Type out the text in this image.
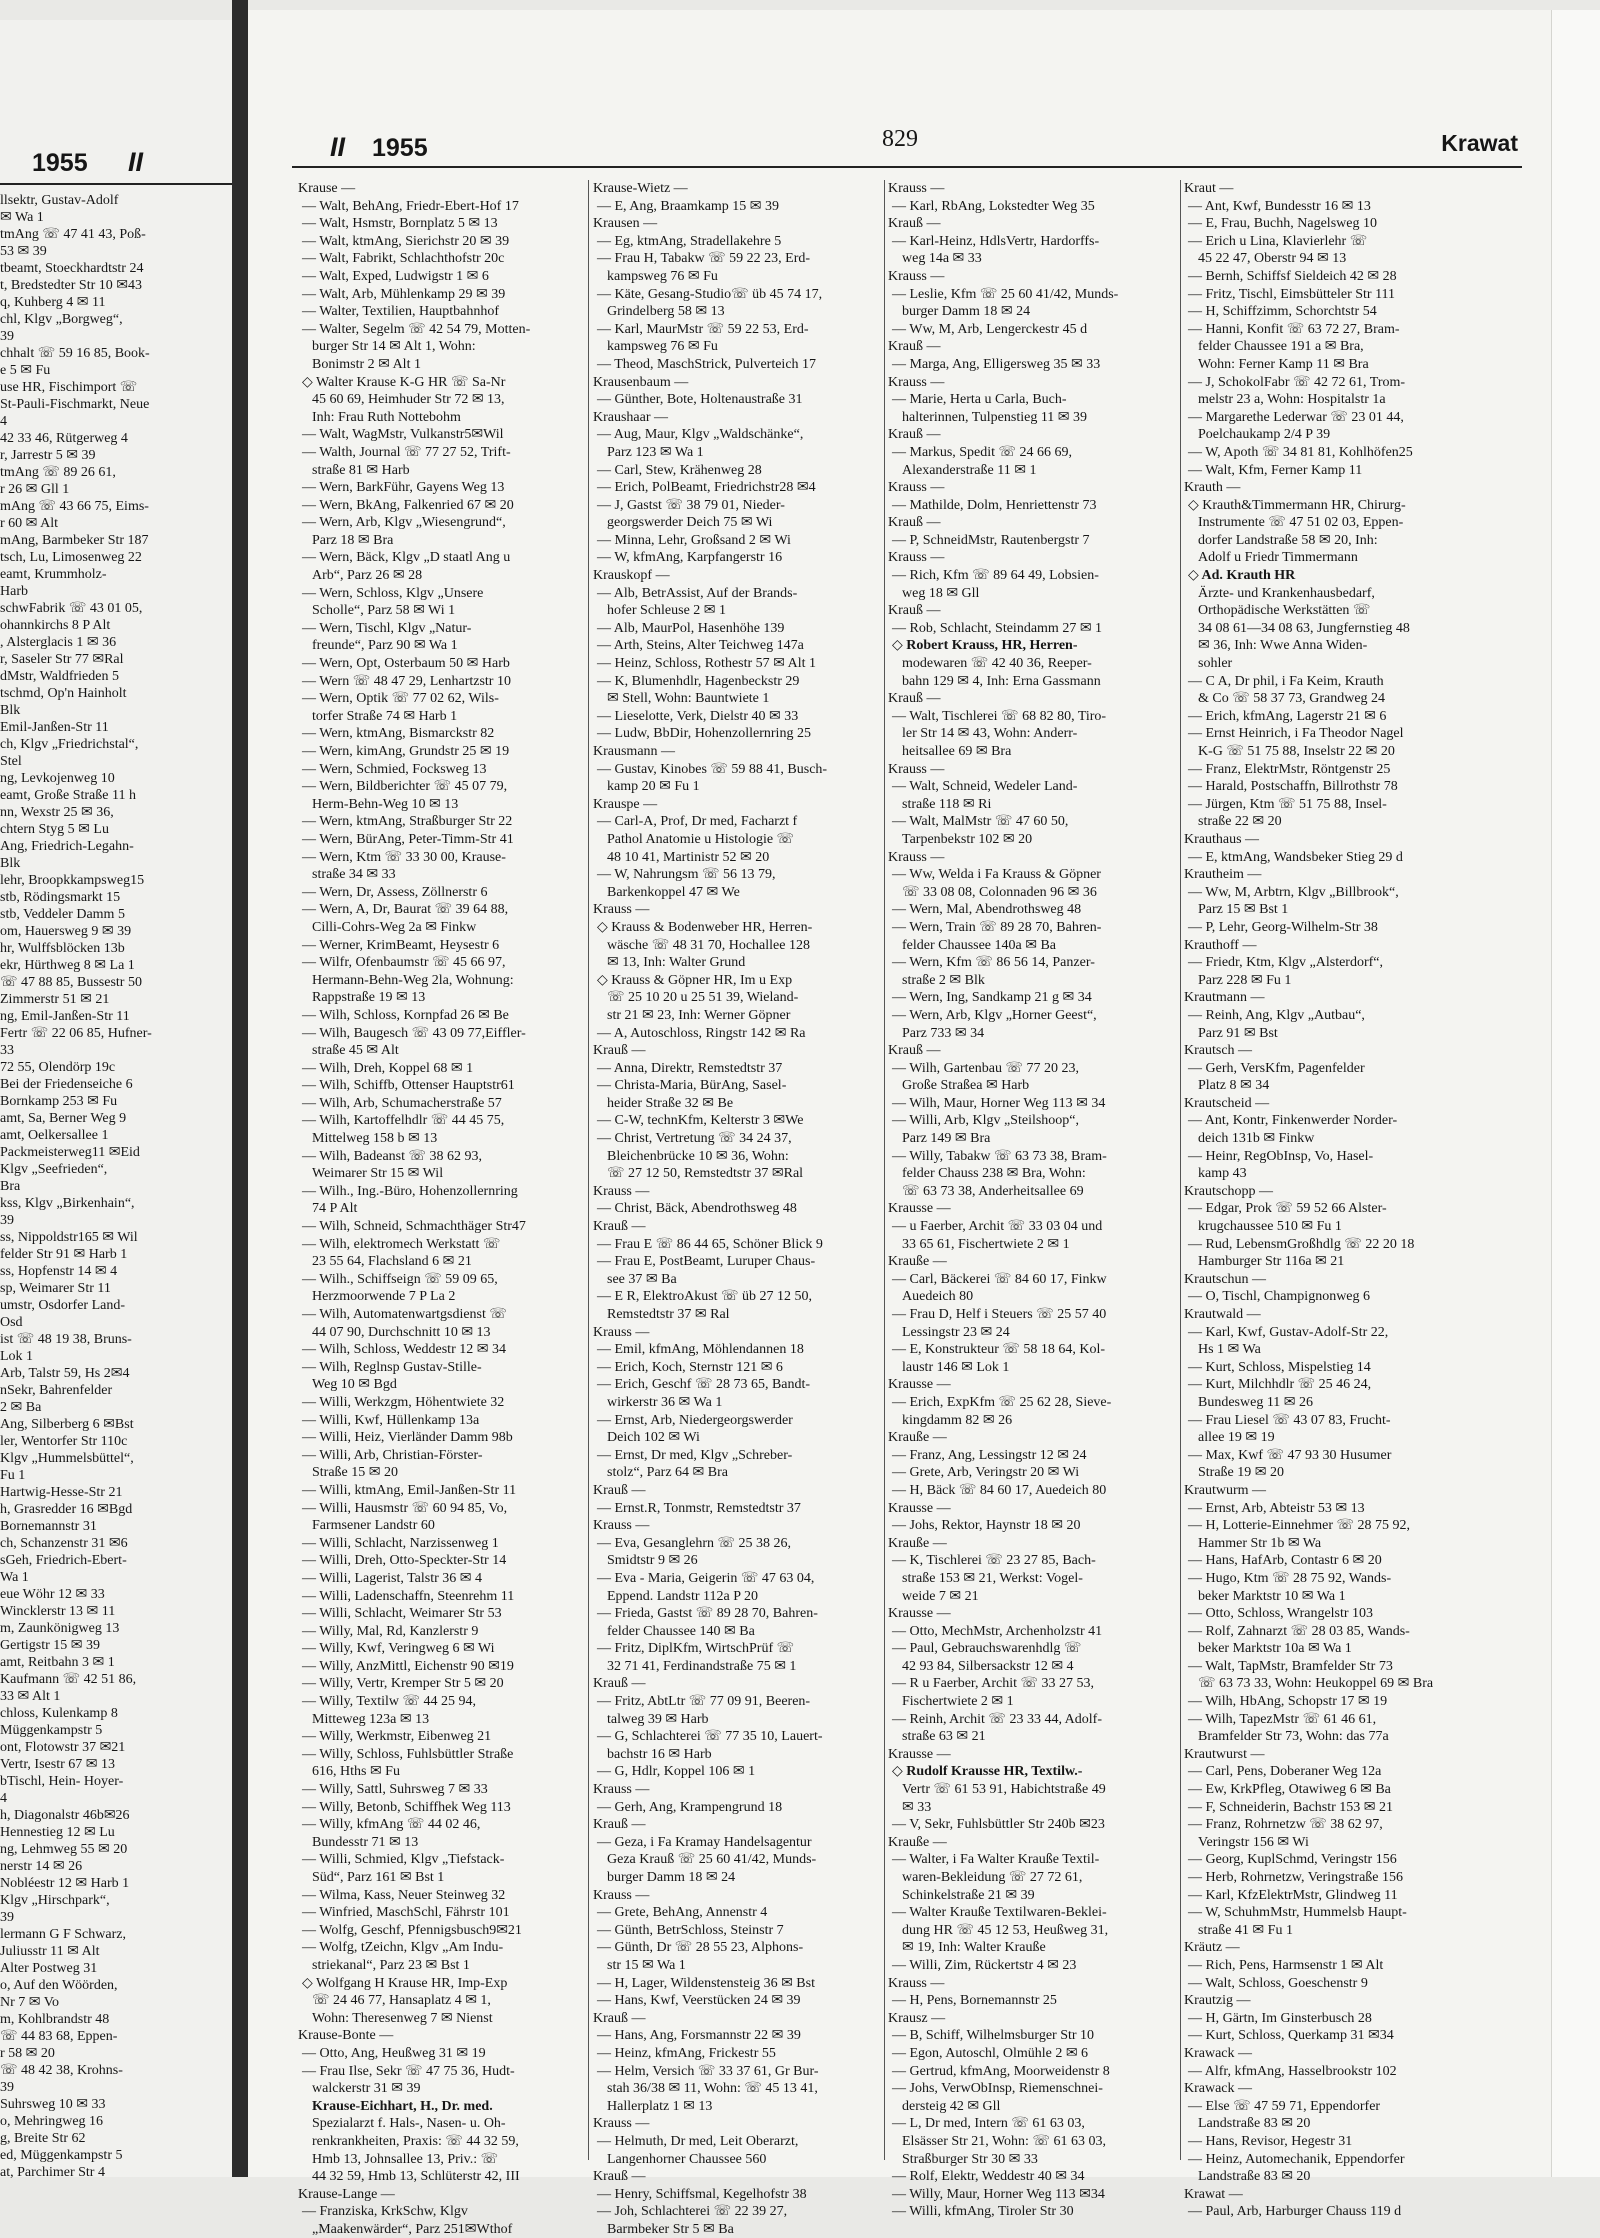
1955 II
llsektr, Gustav-Adolf
✉ Wa 1
tmAng ☏ 47 41 43, Poß-
53 ✉ 39
tbeamt, Stoeckhardtstr 24
t, Bredstedter Str 10 ✉43
q, Kuhberg 4 ✉ 11
chl, Klgv „Borgweg“,
39
chhalt ☏ 59 16 85, Book-
e 5 ✉ Fu
use HR, Fischimport ☏
St-Pauli-Fischmarkt, Neue
4
42 33 46, Rütgerweg 4
r, Jarrestr 5 ✉ 39
tmAng ☏ 89 26 61,
r 26 ✉ Gll 1
mAng ☏ 43 66 75, Eims-
r 60 ✉ Alt
mAng, Barmbeker Str 187
tsch, Lu, Limosenweg 22
eamt, Krummholz-
Harb
schwFabrik ☏ 43 01 05,
ohannkirchs 8 P Alt
, Alsterglacis 1 ✉ 36
r, Saseler Str 77 ✉Ral
dMstr, Waldfrieden 5
tschmd, Op'n Hainholt
Blk
Emil-Janßen-Str 11
ch, Klgv „Friedrichstal“,
Stel
ng, Levkojenweg 10
eamt, Große Straße 11 h
nn, Wexstr 25 ✉ 36,
chtern Styg 5 ✉ Lu
Ang, Friedrich-Legahn-
Blk
lehr, Broopkkampsweg15
stb, Rödingsmarkt 15
stb, Veddeler Damm 5
om, Hauersweg 9 ✉ 39
hr, Wulffsblöcken 13b
ekr, Hürthweg 8 ✉ La 1
☏ 47 88 85, Bussestr 50
Zimmerstr 51 ✉ 21
ng, Emil-Janßen-Str 11
Fertr ☏ 22 06 85, Hufner-
33
72 55, Olendörp 19c
Bei der Friedenseiche 6
Bornkamp 253 ✉ Fu
amt, Sa, Berner Weg 9
amt, Oelkersallee 1
Packmeisterweg11 ✉Eid
Klgv „Seefrieden“,
Bra
kss, Klgv „Birkenhain“,
39
ss, Nippoldstr165 ✉ Wil
felder Str 91 ✉ Harb 1
ss, Hopfenstr 14 ✉ 4
sp, Weimarer Str 11
umstr, Osdorfer Land-
Osd
ist ☏ 48 19 38, Bruns-
Lok 1
Arb, Talstr 59, Hs 2✉4
nSekr, Bahrenfelder
2 ✉ Ba
Ang, Silberberg 6 ✉Bst
ler, Wentorfer Str 110c
Klgv „Hummelsbüttel“,
Fu 1
Hartwig-Hesse-Str 21
h, Grasredder 16 ✉Bgd
Bornemannstr 31
ch, Schanzenstr 31 ✉6
sGeh, Friedrich-Ebert-
Wa 1
eue Wöhr 12 ✉ 33
Wincklerstr 13 ✉ 11
m, Zaunkönigweg 13
Gertigstr 15 ✉ 39
amt, Reitbahn 3 ✉ 1
Kaufmann ☏ 42 51 86,
33 ✉ Alt 1
chloss, Kulenkamp 8
Müggenkampstr 5
ont, Flotowstr 37 ✉21
Vertr, Isestr 67 ✉ 13
bTischl, Hein- Hoyer-
4
h, Diagonalstr 46b✉26
Hennestieg 12 ✉ Lu
ng, Lehmweg 55 ✉ 20
nerstr 14 ✉ 26
Nobléestr 12 ✉ Harb 1
Klgv „Hirschpark“,
39
lermann G F Schwarz,
Juliusstr 11 ✉ Alt
Alter Postweg 31
o, Auf den Wöörden,
Nr 7 ✉ Vo
m, Kohlbrandstr 48
☏ 44 83 68, Eppen-
r 58 ✉ 20
☏ 48 42 38, Krohns-
39
Suhrsweg 10 ✉ 33
o, Mehringweg 16
g, Breite Str 62
ed, Müggenkampstr 5
at, Parchimer Str 4
II 1955	829	Krawat
Krause —
— Walt, BehAng, Friedr-Ebert-Hof 17
— Walt, Hsmstr, Bornplatz 5 ✉ 13
— Walt, ktmAng, Sierichstr 20 ✉ 39
— Walt, Fabrikt, Schlachthofstr 20c
— Walt, Exped, Ludwigstr 1 ✉ 6
— Walt, Arb, Mühlenkamp 29 ✉ 39
— Walter, Textilien, Hauptbahnhof
— Walter, Segelm ☏ 42 54 79, Motten-
burger Str 14 ✉ Alt 1, Wohn:
Bonimstr 2 ✉ Alt 1
◇ Walter Krause K-G HR ☏ Sa-Nr
45 60 69, Heimhuder Str 72 ✉ 13,
Inh: Frau Ruth Nottebohm
— Walt, WagMstr, Vulkanstr5✉Wil
— Walth, Journal ☏ 77 27 52, Trift-
straße 81 ✉ Harb
— Wern, BarkFühr, Gayens Weg 13
— Wern, BkAng, Falkenried 67 ✉ 20
— Wern, Arb, Klgv „Wiesengrund“,
Parz 18 ✉ Bra
— Wern, Bäck, Klgv „D staatl Ang u
Arb“, Parz 26 ✉ 28
— Wern, Schloss, Klgv „Unsere
Scholle“, Parz 58 ✉ Wi 1
— Wern, Tischl, Klgv „Natur-
freunde“, Parz 90 ✉ Wa 1
— Wern, Opt, Osterbaum 50 ✉ Harb
— Wern ☏ 48 47 29, Lenhartzstr 10
— Wern, Optik ☏ 77 02 62, Wils-
torfer Straße 74 ✉ Harb 1
— Wern, ktmAng, Bismarckstr 82
— Wern, kimAng, Grundstr 25 ✉ 19
— Wern, Schmied, Focksweg 13
— Wern, Bildberichter ☏ 45 07 79,
Herm-Behn-Weg 10 ✉ 13
— Wern, ktmAng, Straßburger Str 22
— Wern, BürAng, Peter-Timm-Str 41
— Wern, Ktm ☏ 33 30 00, Krause-
straße 34 ✉ 33
— Wern, Dr, Assess, Zöllnerstr 6
— Wern, A, Dr, Baurat ☏ 39 64 88,
Cilli-Cohrs-Weg 2a ✉ Finkw
— Werner, KrimBeamt, Heysestr 6
— Wilfr, Ofenbaumstr ☏ 45 66 97,
Hermann-Behn-Weg 2la, Wohnung:
Rappstraße 19 ✉ 13
— Wilh, Schloss, Kornpfad 26 ✉ Be
— Wilh, Baugesch ☏ 43 09 77,Eiffler-
straße 45 ✉ Alt
— Wilh, Dreh, Koppel 68 ✉ 1
— Wilh, Schiffb, Ottenser Hauptstr61
— Wilh, Arb, Schumacherstraße 57
— Wilh, Kartoffelhdlr ☏ 44 45 75,
Mittelweg 158 b ✉ 13
— Wilh, Badeanst ☏ 38 62 93,
Weimarer Str 15 ✉ Wil
— Wilh., Ing.-Büro, Hohenzollernring
74 P Alt
— Wilh, Schneid, Schmachthäger Str47
— Wilh, elektromech Werkstatt ☏
23 55 64, Flachsland 6 ✉ 21
— Wilh., Schiffseign ☏ 59 09 65,
Herzmoorwende 7 P La 2
— Wilh, Automatenwartgsdienst ☏
44 07 90, Durchschnitt 10 ✉ 13
— Wilh, Schloss, Weddestr 12 ✉ 34
— Wilh, Reglnsp Gustav-Stille-
Weg 10 ✉ Bgd
— Willi, Werkzgm, Höhentwiete 32
— Willi, Kwf, Hüllenkamp 13a
— Willi, Heiz, Vierländer Damm 98b
— Willi, Arb, Christian-Förster-
Straße 15 ✉ 20
— Willi, ktmAng, Emil-Janßen-Str 11
— Willi, Hausmstr ☏ 60 94 85, Vo,
Farmsener Landstr 60
— Willi, Schlacht, Narzissenweg 1
— Willi, Dreh, Otto-Speckter-Str 14
— Willi, Lagerist, Talstr 36 ✉ 4
— Willi, Ladenschaffn, Steenrehm 11
— Willi, Schlacht, Weimarer Str 53
— Willy, Mal, Rd, Kanzlerstr 9
— Willy, Kwf, Veringweg 6 ✉ Wi
— Willy, AnzMittl, Eichenstr 90 ✉19
— Willy, Vertr, Kremper Str 5 ✉ 20
— Willy, Textilw ☏ 44 25 94,
Mitteweg 123a ✉ 13
— Willy, Werkmstr, Eibenweg 21
— Willy, Schloss, Fuhlsbüttler Straße
616, Hths ✉ Fu
— Willy, Sattl, Suhrsweg 7 ✉ 33
— Willy, Betonb, Schiffhek Weg 113
— Willy, kfmAng ☏ 44 02 46,
Bundesstr 71 ✉ 13
— Willi, Schmied, Klgv „Tiefstack-
Süd“, Parz 161 ✉ Bst 1
— Wilma, Kass, Neuer Steinweg 32
— Winfried, MaschSchl, Fährstr 101
— Wolfg, Geschf, Pfennigsbusch9✉21
— Wolfg, tZeichn, Klgv „Am Indu-
striekanal“, Parz 23 ✉ Bst 1
◇ Wolfgang H Krause HR, Imp-Exp
☏ 24 46 77, Hansaplatz 4 ✉ 1,
Wohn: Theresenweg 7 ✉ Nienst
Krause-Bonte —
— Otto, Ang, Heußweg 31 ✉ 19
— Frau Ilse, Sekr ☏ 47 75 36, Hudt-
walckerstr 31 ✉ 39
Krause-Eichhart, H., Dr. med.
Spezialarzt f. Hals-, Nasen- u. Oh-
renkrankheiten, Praxis: ☏ 44 32 59,
Hmb 13, Johnsallee 13, Priv.: ☏
44 32 59, Hmb 13, Schlüterstr 42, III
Krause-Lange —
— Franziska, KrkSchw, Klgv
„Maakenwärder“, Parz 251✉Wthof
Krause-Wietz —
— E, Ang, Braamkamp 15 ✉ 39
Krausen —
— Eg, ktmAng, Stradellakehre 5
— Frau H, Tabakw ☏ 59 22 23, Erd-
kampsweg 76 ✉ Fu
— Käte, Gesang-Studio☏ üb 45 74 17,
Grindelberg 58 ✉ 13
— Karl, MaurMstr ☏ 59 22 53, Erd-
kampsweg 76 ✉ Fu
— Theod, MaschStrick, Pulverteich 17
Krausenbaum —
— Günther, Bote, Holtenaustraße 31
Kraushaar —
— Aug, Maur, Klgv „Waldschänke“,
Parz 123 ✉ Wa 1
— Carl, Stew, Krähenweg 28
— Erich, PolBeamt, Friedrichstr28 ✉4
— J, Gastst ☏ 38 79 01, Nieder-
georgswerder Deich 75 ✉ Wi
— Minna, Lehr, Großsand 2 ✉ Wi
— W, kfmAng, Karpfangerstr 16
Krauskopf —
— Alb, BetrAssist, Auf der Brands-
hofer Schleuse 2 ✉ 1
— Alb, MaurPol, Hasenhöhe 139
— Arth, Steins, Alter Teichweg 147a
— Heinz, Schloss, Rothestr 57 ✉ Alt 1
— K, Blumenhdlr, Hagenbeckstr 29
✉ Stell, Wohn: Bauntwiete 1
— Lieselotte, Verk, Dielstr 40 ✉ 33
— Ludw, BbDir, Hohenzollernring 25
Krausmann —
— Gustav, Kinobes ☏ 59 88 41, Busch-
kamp 20 ✉ Fu 1
Krauspe —
— Carl-A, Prof, Dr med, Facharzt f
Pathol Anatomie u Histologie ☏
48 10 41, Martinistr 52 ✉ 20
— W, Nahrungsm ☏ 56 13 79,
Barkenkoppel 47 ✉ We
Krauss —
◇ Krauss & Bodenweber HR, Herren-
wäsche ☏ 48 31 70, Hochallee 128
✉ 13, Inh: Walter Grund
◇ Krauss & Göpner HR, Im u Exp
☏ 25 10 20 u 25 51 39, Wieland-
str 21 ✉ 23, Inh: Werner Göpner
— A, Autoschloss, Ringstr 142 ✉ Ra
Krauß —
— Anna, Direktr, Remstedtstr 37
— Christa-Maria, BürAng, Sasel-
heider Straße 32 ✉ Be
— C-W, technKfm, Kelterstr 3 ✉We
— Christ, Vertretung ☏ 34 24 37,
Bleichenbrücke 10 ✉ 36, Wohn:
☏ 27 12 50, Remstedtstr 37 ✉Ral
Krauss —
— Christ, Bäck, Abendrothsweg 48
Krauß —
— Frau E ☏ 86 44 65, Schöner Blick 9
— Frau E, PostBeamt, Luruper Chaus-
see 37 ✉ Ba
— E R, ElektroAkust ☏ üb 27 12 50,
Remstedtstr 37 ✉ Ral
Krauss —
— Emil, kfmAng, Möhlendannen 18
— Erich, Koch, Sternstr 121 ✉ 6
— Erich, Geschf ☏ 28 73 65, Bandt-
wirkerstr 36 ✉ Wa 1
— Ernst, Arb, Niedergeorgswerder
Deich 102 ✉ Wi
— Ernst, Dr med, Klgv „Schreber-
stolz“, Parz 64 ✉ Bra
Krauß —
— Ernst.R, Tonmstr, Remstedtstr 37
Krauss —
— Eva, Gesanglehrn ☏ 25 38 26,
Smidtstr 9 ✉ 26
— Eva - Maria, Geigerin ☏ 47 63 04,
Eppend. Landstr 112a P 20
— Frieda, Gastst ☏ 89 28 70, Bahren-
felder Chaussee 140 ✉ Ba
— Fritz, DiplKfm, WirtschPrüf ☏
32 71 41, Ferdinandstraße 75 ✉ 1
Krauß —
— Fritz, AbtLtr ☏ 77 09 91, Beeren-
talweg 39 ✉ Harb
— G, Schlachterei ☏ 77 35 10, Lauert-
bachstr 16 ✉ Harb
— G, Hdlr, Koppel 106 ✉ 1
Krauss —
— Gerh, Ang, Krampengrund 18
Krauß —
— Geza, i Fa Kramay Handelsagentur
Geza Krauß ☏ 25 60 41/42, Munds-
burger Damm 18 ✉ 24
Krauss —
— Grete, BehAng, Annenstr 4
— Günth, BetrSchloss, Steinstr 7
— Günth, Dr ☏ 28 55 23, Alphons-
str 15 ✉ Wa 1
— H, Lager, Wildenstensteig 36 ✉ Bst
— Hans, Kwf, Veerstücken 24 ✉ 39
Krauß —
— Hans, Ang, Forsmannstr 22 ✉ 39
— Heinz, kfmAng, Frickestr 55
— Helm, Versich ☏ 33 37 61, Gr Bur-
stah 36/38 ✉ 11, Wohn: ☏ 45 13 41,
Hallerplatz 1 ✉ 13
Krauss —
— Helmuth, Dr med, Leit Oberarzt,
Langenhorner Chaussee 560
Krauß —
— Henry, Schiffsmal, Kegelhofstr 38
— Joh, Schlachterei ☏ 22 39 27,
Barmbeker Str 5 ✉ Ba
Krauss —
— Karl, RbAng, Lokstedter Weg 35
Krauß —
— Karl-Heinz, HdlsVertr, Hardorffs-
weg 14a ✉ 33
Krauss —
— Leslie, Kfm ☏ 25 60 41/42, Munds-
burger Damm 18 ✉ 24
— Ww, M, Arb, Lengerckestr 45 d
Krauß —
— Marga, Ang, Elligersweg 35 ✉ 33
Krauss —
— Marie, Herta u Carla, Buch-
halterinnen, Tulpenstieg 11 ✉ 39
Krauß —
— Markus, Spedit ☏ 24 66 69,
Alexanderstraße 11 ✉ 1
Krauss —
— Mathilde, Dolm, Henriettenstr 73
Krauß —
— P, SchneidMstr, Rautenbergstr 7
Krauss —
— Rich, Kfm ☏ 89 64 49, Lobsien-
weg 18 ✉ Gll
Krauß —
— Rob, Schlacht, Steindamm 27 ✉ 1
◇ Robert Krauss, HR, Herren-
modewaren ☏ 42 40 36, Reeper-
bahn 129 ✉ 4, Inh: Erna Gassmann
Krauß —
— Walt, Tischlerei ☏ 68 82 80, Tiro-
ler Str 14 ✉ 43, Wohn: Anderr-
heitsallee 69 ✉ Bra
Krauss —
— Walt, Schneid, Wedeler Land-
straße 118 ✉ Ri
— Walt, MalMstr ☏ 47 60 50,
Tarpenbekstr 102 ✉ 20
Krauss —
— Ww, Welda i Fa Krauss & Göpner
☏ 33 08 08, Colonnaden 96 ✉ 36
— Wern, Mal, Abendrothsweg 48
— Wern, Train ☏ 89 28 70, Bahren-
felder Chaussee 140a ✉ Ba
— Wern, Kfm ☏ 86 56 14, Panzer-
straße 2 ✉ Blk
— Wern, Ing, Sandkamp 21 g ✉ 34
— Wern, Arb, Klgv „Horner Geest“,
Parz 733 ✉ 34
Krauß —
— Wilh, Gartenbau ☏ 77 20 23,
Große Straßea ✉ Harb
— Wilh, Maur, Horner Weg 113 ✉ 34
— Willi, Arb, Klgv „Steilshoop“,
Parz 149 ✉ Bra
— Willy, Tabakw ☏ 63 73 38, Bram-
felder Chauss 238 ✉ Bra, Wohn:
☏ 63 73 38, Anderheitsallee 69
Krausse —
— u Faerber, Archit ☏ 33 03 04 und
33 65 61, Fischertwiete 2 ✉ 1
Krauße —
— Carl, Bäckerei ☏ 84 60 17, Finkw
Auedeich 80
— Frau D, Helf i Steuers ☏ 25 57 40
Lessingstr 23 ✉ 24
— E, Konstrukteur ☏ 58 18 64, Kol-
laustr 146 ✉ Lok 1
Krausse —
— Erich, ExpKfm ☏ 25 62 28, Sieve-
kingdamm 82 ✉ 26
Krauße —
— Franz, Ang, Lessingstr 12 ✉ 24
— Grete, Arb, Veringstr 20 ✉ Wi
— H, Bäck ☏ 84 60 17, Auedeich 80
Krausse —
— Johs, Rektor, Haynstr 18 ✉ 20
Krauße —
— K, Tischlerei ☏ 23 27 85, Bach-
straße 153 ✉ 21, Werkst: Vogel-
weide 7 ✉ 21
Krausse —
— Otto, MechMstr, Archenholzstr 41
— Paul, Gebrauchswarenhdlg ☏
42 93 84, Silbersackstr 12 ✉ 4
— R u Faerber, Archit ☏ 33 27 53,
Fischertwiete 2 ✉ 1
— Reinh, Archit ☏ 23 33 44, Adolf-
straße 63 ✉ 21
Krausse —
◇ Rudolf Krausse HR, Textilw.-
Vertr ☏ 61 53 91, Habichtstraße 49
✉ 33
— V, Sekr, Fuhlsbüttler Str 240b ✉23
Krauße —
— Walter, i Fa Walter Krauße Textil-
waren-Bekleidung ☏ 27 72 61,
Schinkelstraße 21 ✉ 39
— Walter Krauße Textilwaren-Beklei-
dung HR ☏ 45 12 53, Heußweg 31,
✉ 19, Inh: Walter Krauße
— Willi, Zim, Rückertstr 4 ✉ 23
Krauss —
— H, Pens, Bornemannstr 25
Krausz —
— B, Schiff, Wilhelmsburger Str 10
— Egon, Autoschl, Olmühle 2 ✉ 6
— Gertrud, kfmAng, Moorweidenstr 8
— Johs, VerwObInsp, Riemenschnei-
dersteig 42 ✉ Gll
— L, Dr med, Intern ☏ 61 63 03,
Elsässer Str 21, Wohn: ☏ 61 63 03,
Straßburger Str 30 ✉ 33
— Rolf, Elektr, Weddestr 40 ✉ 34
— Willy, Maur, Horner Weg 113 ✉34
— Willi, kfmAng, Tiroler Str 30
Kraut —
— Ant, Kwf, Bundesstr 16 ✉ 13
— E, Frau, Buchh, Nagelsweg 10
— Erich u Lina, Klavierlehr ☏
45 22 47, Oberstr 94 ✉ 13
— Bernh, Schiffsf Sieldeich 42 ✉ 28
— Fritz, Tischl, Eimsbütteler Str 111
— H, Schiffzimm, Schorchtstr 54
— Hanni, Konfit ☏ 63 72 27, Bram-
felder Chaussee 191 a ✉ Bra,
Wohn: Ferner Kamp 11 ✉ Bra
— J, SchokolFabr ☏ 42 72 61, Trom-
melstr 23 a, Wohn: Hospitalstr 1a
— Margarethe Lederwar ☏ 23 01 44,
Poelchaukamp 2/4 P 39
— W, Apoth ☏ 34 81 81, Kohlhöfen25
— Walt, Kfm, Ferner Kamp 11
Krauth —
◇ Krauth&Timmermann HR, Chirurg-
Instrumente ☏ 47 51 02 03, Eppen-
dorfer Landstraße 58 ✉ 20, Inh:
Adolf u Friedr Timmermann
◇ Ad. Krauth HR
Ärzte- und Krankenhausbedarf,
Orthopädische Werkstätten ☏
34 08 61—34 08 63, Jungfernstieg 48
✉ 36, Inh: Wwe Anna Widen-
sohler
— C A, Dr phil, i Fa Keim, Krauth
& Co ☏ 58 37 73, Grandweg 24
— Erich, kfmAng, Lagerstr 21 ✉ 6
— Ernst Heinrich, i Fa Theodor Nagel
K-G ☏ 51 75 88, Inselstr 22 ✉ 20
— Franz, ElektrMstr, Röntgenstr 25
— Harald, Postschaffn, Billrothstr 78
— Jürgen, Ktm ☏ 51 75 88, Insel-
straße 22 ✉ 20
Krauthaus —
— E, ktmAng, Wandsbeker Stieg 29 d
Krautheim —
— Ww, M, Arbtrn, Klgv „Billbrook“,
Parz 15 ✉ Bst 1
— P, Lehr, Georg-Wilhelm-Str 38
Krauthoff —
— Friedr, Ktm, Klgv „Alsterdorf“,
Parz 228 ✉ Fu 1
Krautmann —
— Reinh, Ang, Klgv „Autbau“,
Parz 91 ✉ Bst
Krautsch —
— Gerh, VersKfm, Pagenfelder
Platz 8 ✉ 34
Krautscheid —
— Ant, Kontr, Finkenwerder Norder-
deich 131b ✉ Finkw
— Heinr, RegObInsp, Vo, Hasel-
kamp 43
Krautschopp —
— Edgar, Prok ☏ 59 52 66 Alster-
krugchaussee 510 ✉ Fu 1
— Rud, LebensmGroßhdlg ☏ 22 20 18
Hamburger Str 116a ✉ 21
Krautschun —
— O, Tischl, Champignonweg 6
Krautwald —
— Karl, Kwf, Gustav-Adolf-Str 22,
Hs 1 ✉ Wa
— Kurt, Schloss, Mispelstieg 14
— Kurt, Milchhdlr ☏ 25 46 24,
Bundesweg 11 ✉ 26
— Frau Liesel ☏ 43 07 83, Frucht-
allee 19 ✉ 19
— Max, Kwf ☏ 47 93 30 Husumer
Straße 19 ✉ 20
Krautwurm —
— Ernst, Arb, Abteistr 53 ✉ 13
— H, Lotterie-Einnehmer ☏ 28 75 92,
Hammer Str 1b ✉ Wa
— Hans, HafArb, Contastr 6 ✉ 20
— Hugo, Ktm ☏ 28 75 92, Wands-
beker Marktstr 10 ✉ Wa 1
— Otto, Schloss, Wrangelstr 103
— Rolf, Zahnarzt ☏ 28 03 85, Wands-
beker Marktstr 10a ✉ Wa 1
— Walt, TapMstr, Bramfelder Str 73
☏ 63 73 33, Wohn: Heukoppel 69 ✉ Bra
— Wilh, HbAng, Schopstr 17 ✉ 19
— Wilh, TapezMstr ☏ 61 46 61,
Bramfelder Str 73, Wohn: das 77a
Krautwurst —
— Carl, Pens, Doberaner Weg 12a
— Ew, KrkPfleg, Otawiweg 6 ✉ Ba
— F, Schneiderin, Bachstr 153 ✉ 21
— Franz, Rohrnetzw ☏ 38 62 97,
Veringstr 156 ✉ Wi
— Georg, KuplSchmd, Veringstr 156
— Herb, Rohrnetzw, Veringstraße 156
— Karl, KfzElektrMstr, Glindweg 11
— W, SchuhmMstr, Hummelsb Haupt-
straße 41 ✉ Fu 1
Kräutz —
— Rich, Pens, Harmsenstr 1 ✉ Alt
— Walt, Schloss, Goeschenstr 9
Krautzig —
— H, Gärtn, Im Ginsterbusch 28
— Kurt, Schloss, Querkamp 31 ✉34
Krawack —
— Alfr, kfmAng, Hasselbrookstr 102
Krawack —
— Else ☏ 47 59 71, Eppendorfer
Landstraße 83 ✉ 20
— Hans, Revisor, Hegestr 31
— Heinz, Automechanik, Eppendorfer
Landstraße 83 ✉ 20
Krawat —
— Paul, Arb, Harburger Chauss 119 d
